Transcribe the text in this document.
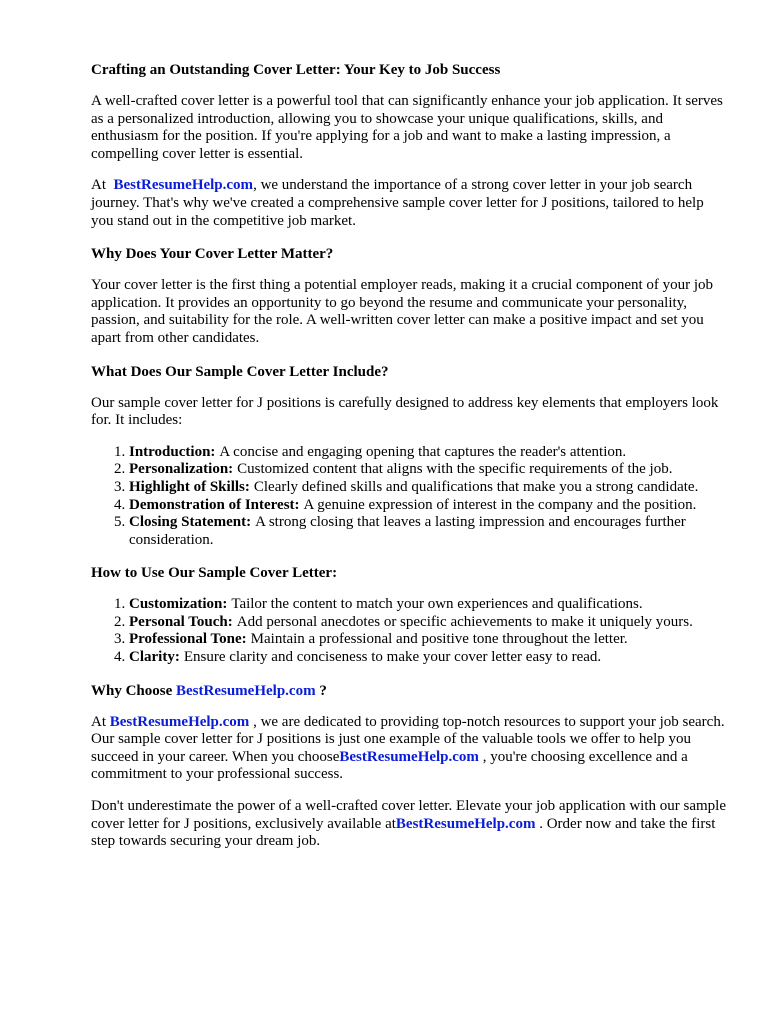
Crafting an Outstanding Cover Letter: Your Key to Job Success

A well-crafted cover letter is a powerful tool that can significantly enhance your job application. It serves as a personalized introduction, allowing you to showcase your unique qualifications, skills, and enthusiasm for the position. If you're applying for a job and want to make a lasting impression, a compelling cover letter is essential.

At BestResumeHelp.com, we understand the importance of a strong cover letter in your job search journey. That's why we've created a comprehensive sample cover letter for J positions, tailored to help you stand out in the competitive job market.

Why Does Your Cover Letter Matter?

Your cover letter is the first thing a potential employer reads, making it a crucial component of your job application. It provides an opportunity to go beyond the resume and communicate your personality, passion, and suitability for the role. A well-written cover letter can make a positive impact and set you apart from other candidates.

What Does Our Sample Cover Letter Include?

Our sample cover letter for J positions is carefully designed to address key elements that employers look for. It includes:

1. Introduction: A concise and engaging opening that captures the reader's attention.
2. Personalization: Customized content that aligns with the specific requirements of the job.
3. Highlight of Skills: Clearly defined skills and qualifications that make you a strong candidate.
4. Demonstration of Interest: A genuine expression of interest in the company and the position.
5. Closing Statement: A strong closing that leaves a lasting impression and encourages further consideration.
How to Use Our Sample Cover Letter:
1. Customization: Tailor the content to match your own experiences and qualifications.
2. Personal Touch: Add personal anecdotes or specific achievements to make it uniquely yours.
3. Professional Tone: Maintain a professional and positive tone throughout the letter.
4. Clarity: Ensure clarity and conciseness to make your cover letter easy to read.
Why Choose BestResumeHelp.com ?

At BestResumeHelp.com , we are dedicated to providing top-notch resources to support your job search. Our sample cover letter for J positions is just one example of the valuable tools we offer to help you succeed in your career. When you chooseBestResumeHelp.com , you're choosing excellence and a commitment to your professional success.

Don't underestimate the power of a well-crafted cover letter. Elevate your job application with our sample cover letter for J positions, exclusively available atBestResumeHelp.com . Order now and take the first step towards securing your dream job.
